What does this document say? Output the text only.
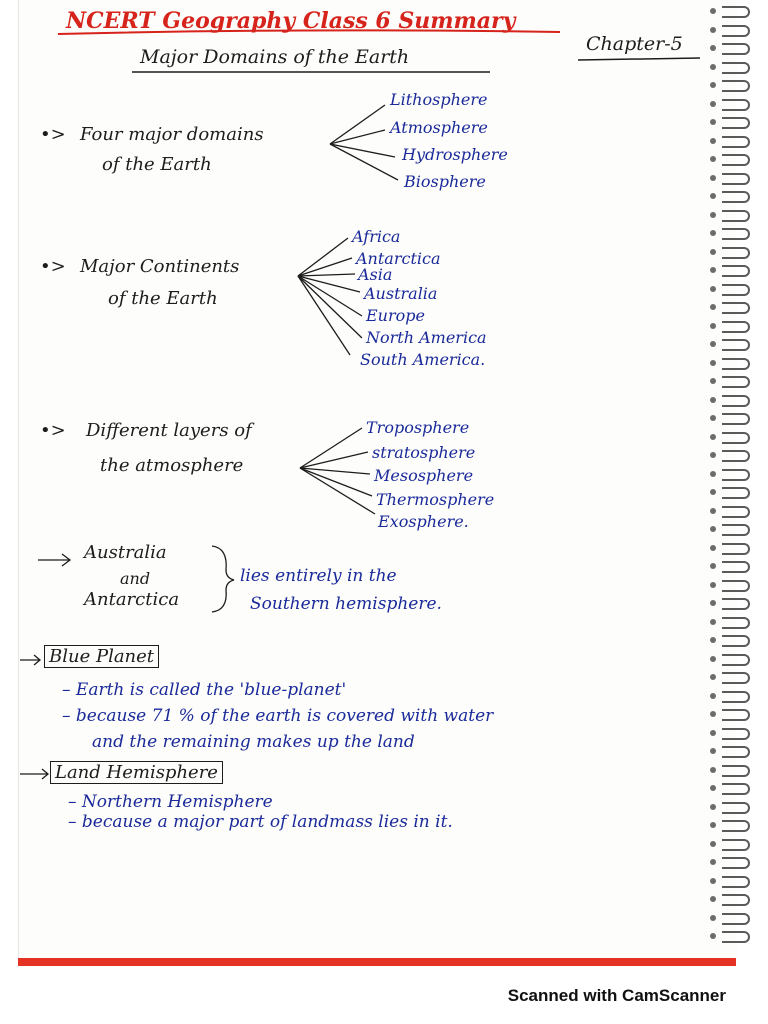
NCERT Geography Class 6 Summary
Chapter-5
Major Domains of the Earth
•> Four major domains
of the Earth
Lithosphere
Atmosphere
Hydrosphere
Biosphere
•> Major Continents
of the Earth
Africa
Antarctica
Asia
Australia
Europe
North America
South America.
•> Different layers of
the atmosphere
Troposphere
stratosphere
Mesosphere
Thermosphere
Exosphere.
Australia
and
Antarctica
lies entirely in the
Southern hemisphere.
Blue Planet
– Earth is called the 'blue-planet'
– because 71 % of the earth is covered with water
and the remaining makes up the land
Land Hemisphere
– Northern Hemisphere
– because a major part of landmass lies in it.
Scanned with CamScanner
